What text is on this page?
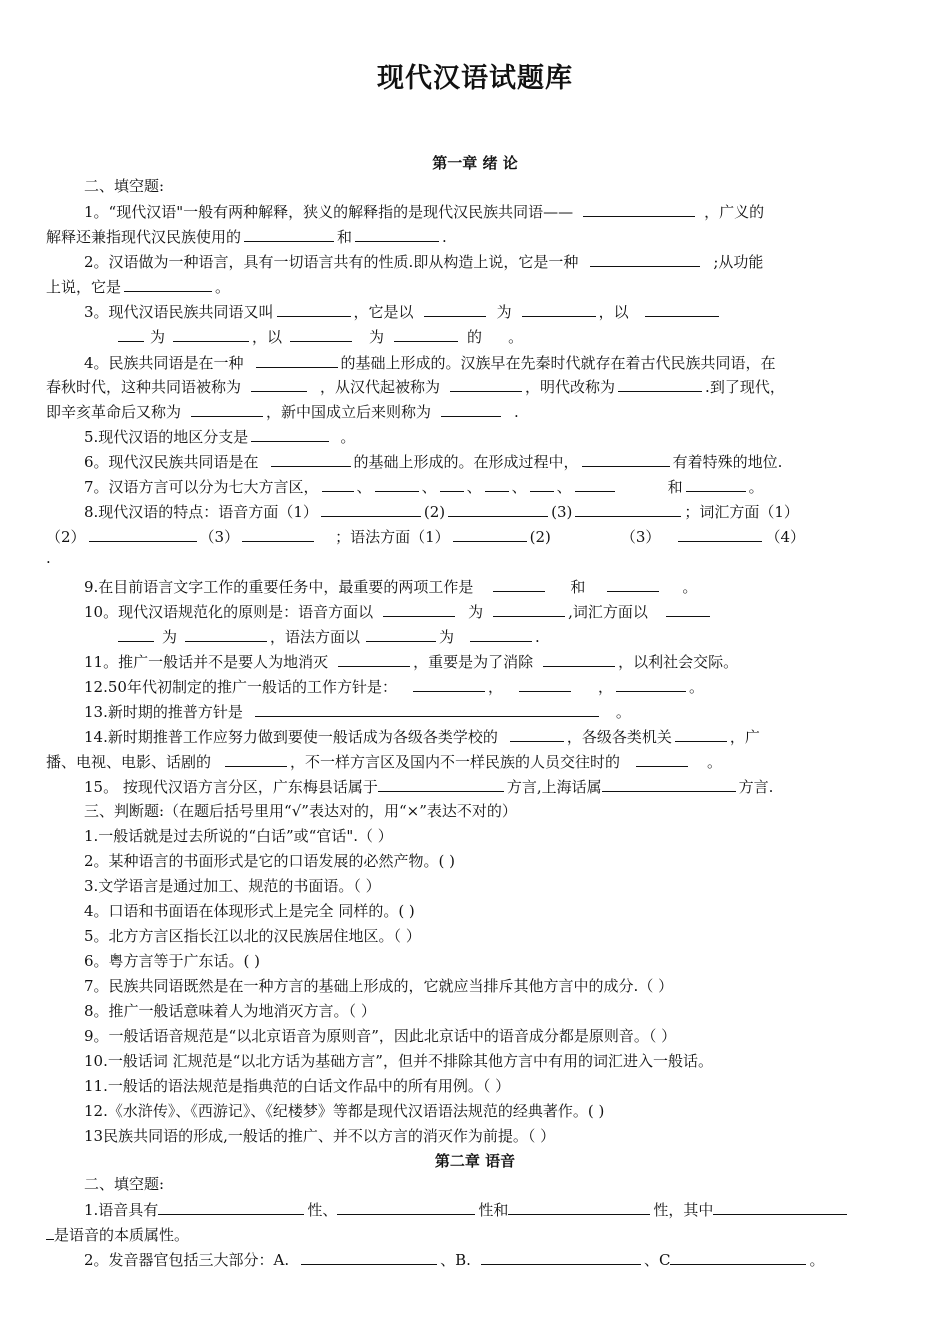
现代汉语试题库
第一章 绪 论
二、填空题:
1。“现代汉语"一般有两种解释，狭义的解释指的是现代汉民族共同语——	，广义的
解释还兼指现代汉民族使用的	和	.
2。汉语做为一种语言，具有一切语言共有的性质.即从构造上说，它是一种	;从功能
上说，它是	。
3。现代汉语民族共同语又叫	，它是以	为	，以
为	，以	为	的 。
4。民族共同语是在一种	的基础上形成的。汉族早在先秦时代就存在着古代民族共同语，在
春秋时代，这种共同语被称为	，从汉代起被称为	，明代改称为	.到了现代，
即辛亥革命后又称为	，新中国成立后来则称为	.
5.现代汉语的地区分支是	。
6。现代汉民族共同语是在	的基础上形成的。在形成过程中，	有着特殊的地位.
7。汉语方言可以分为七大方言区，	、	、 、 、 、	和	。
8.现代汉语的特点：语音方面（1）	(2)	(3)	；词汇方面（1）
（2）	（3）	；语法方面（1）	(2)	（3）	（4）
.
9.在目前语言文字工作的重要任务中，最重要的两项工作是	和	。
10。现代汉语规范化的原则是：语音方面以	为	,词汇方面以
为	，语法方面以	为	.
11。推广一般话并不是要人为地消灭	，重要是为了消除	，以利社会交际。
12.50年代初制定的推广一般话的工作方针是：	，	，	。
13.新时期的推普方针是	。
14.新时期推普工作应努力做到要使一般话成为各级各类学校的	，各级各类机关	，广
播、电视、电影、话剧的	，不一样方言区及国内不一样民族的人员交往时的	。
15。 按现代汉语方言分区，广东梅县话属于	方言,上海话属	方言.
三、判断题:（在题后括号里用“√”表达对的，用“×”表达不对的）
1.一般话就是过去所说的“白话”或“官话".（ ）
2。某种语言的书面形式是它的口语发展的必然产物。( )
3.文学语言是通过加工、规范的书面语。（ ）
4。口语和书面语在体现形式上是完全 同样的。( )
5。北方方言区指长江以北的汉民族居住地区。（ ）
6。粤方言等于广东话。( )
7。民族共同语既然是在一种方言的基础上形成的，它就应当排斥其他方言中的成分.（ ）
8。推广一般话意味着人为地消灭方言。（ ）
9。一般话语音规范是“以北京语音为原则音”，因此北京话中的语音成分都是原则音。（ ）
10.一般话词 汇规范是“以北方话为基础方言”，但并不排除其他方言中有用的词汇进入一般话。
11.一般话的语法规范是指典范的白话文作品中的所有用例。（ ）
12.《水浒传》、《西游记》、《纪楼梦》等都是现代汉语语法规范的经典著作。( )
13民族共同语的形成,一般话的推广、并不以方言的消灭作为前提。（ ）
第二章 语音
二、填空题:
1.语音具有	性、	性和	性，其中
是语音的本质属性。
2。发音器官包括三大部分：A.	、B.	、C	。
